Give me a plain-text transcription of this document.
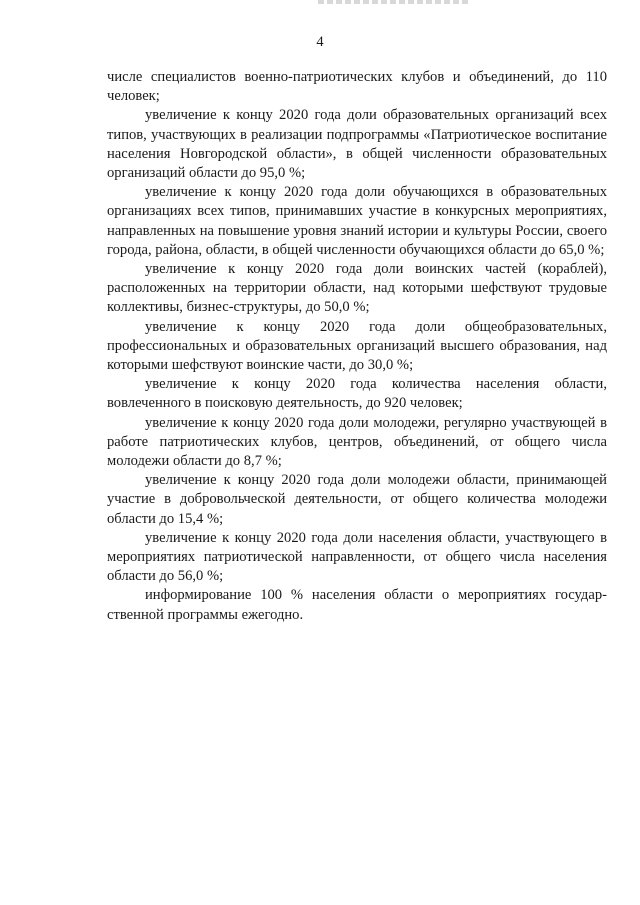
4

числе специалистов военно-патриотических клубов и объединений, до 110 человек;

увеличение к концу 2020 года доли образовательных организаций всех типов, участвующих в реализации подпрограммы «Патриотическое воспитание населения Новгородской области», в общей численности образовательных организаций области до 95,0 %;

увеличение к концу 2020 года доли обучающихся в образовательных организациях всех типов, принимавших участие в конкурсных мероприятиях, направленных на повышение уровня знаний истории и культуры России, своего города, района, области, в общей численности обучающихся области до 65,0 %;

увеличение к концу 2020 года доли воинских частей (кораблей), расположенных на территории области, над которыми шефствуют трудовые коллективы, бизнес-структуры, до 50,0 %;

увеличение к концу 2020 года доли общеобразовательных, профессиональных и образовательных организаций высшего образования, над которыми шефствуют воинские части, до 30,0 %;

увеличение к концу 2020 года количества населения области, вовлеченного в поисковую деятельность, до 920 человек;

увеличение к концу 2020 года доли молодежи, регулярно участвующей в работе патриотических клубов, центров, объединений, от общего числа молодежи области до 8,7 %;

увеличение к концу 2020 года доли молодежи области, принимающей участие в добровольческой деятельности, от общего количества молодежи области до 15,4 %;

увеличение к концу 2020 года доли населения области, участвующего в мероприятиях патриотической направленности, от общего числа населения области до 56,0 %;

информирование 100 % населения области о мероприятиях государственной программы ежегодно.
